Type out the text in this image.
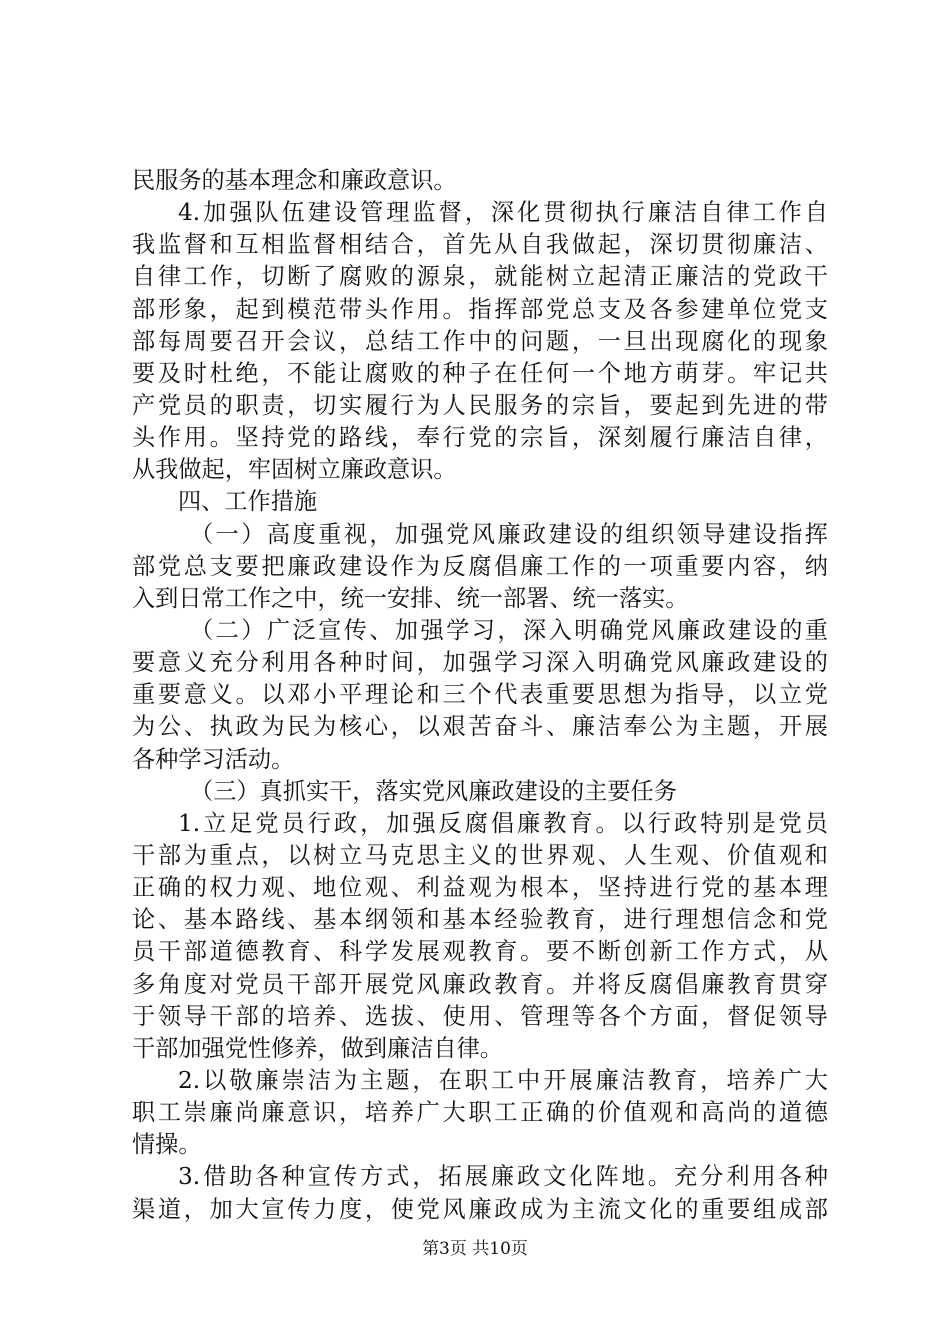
民服务的基本理念和廉政意识。
4.加强队伍建设管理监督，深化贯彻执行廉洁自律工作自
我监督和互相监督相结合，首先从自我做起，深切贯彻廉洁、
自律工作，切断了腐败的源泉，就能树立起清正廉洁的党政干
部形象，起到模范带头作用。指挥部党总支及各参建单位党支
部每周要召开会议，总结工作中的问题，一旦出现腐化的现象
要及时杜绝，不能让腐败的种子在任何一个地方萌芽。牢记共
产党员的职责，切实履行为人民服务的宗旨，要起到先进的带
头作用。坚持党的路线，奉行党的宗旨，深刻履行廉洁自律，
从我做起，牢固树立廉政意识。
四、工作措施
（一）高度重视，加强党风廉政建设的组织领导建设指挥
部党总支要把廉政建设作为反腐倡廉工作的一项重要内容，纳
入到日常工作之中，统一安排、统一部署、统一落实。
（二）广泛宣传、加强学习，深入明确党风廉政建设的重
要意义充分利用各种时间，加强学习深入明确党风廉政建设的
重要意义。以邓小平理论和三个代表重要思想为指导，以立党
为公、执政为民为核心，以艰苦奋斗、廉洁奉公为主题，开展
各种学习活动。
（三）真抓实干，落实党风廉政建设的主要任务
1.立足党员行政，加强反腐倡廉教育。以行政特别是党员
干部为重点，以树立马克思主义的世界观、人生观、价值观和
正确的权力观、地位观、利益观为根本，坚持进行党的基本理
论、基本路线、基本纲领和基本经验教育，进行理想信念和党
员干部道德教育、科学发展观教育。要不断创新工作方式，从
多角度对党员干部开展党风廉政教育。并将反腐倡廉教育贯穿
于领导干部的培养、选拔、使用、管理等各个方面，督促领导
干部加强党性修养，做到廉洁自律。
2.以敬廉崇洁为主题，在职工中开展廉洁教育，培养广大
职工崇廉尚廉意识，培养广大职工正确的价值观和高尚的道德
情操。
3.借助各种宣传方式，拓展廉政文化阵地。充分利用各种
渠道，加大宣传力度，使党风廉政成为主流文化的重要组成部
第3页 共10页
